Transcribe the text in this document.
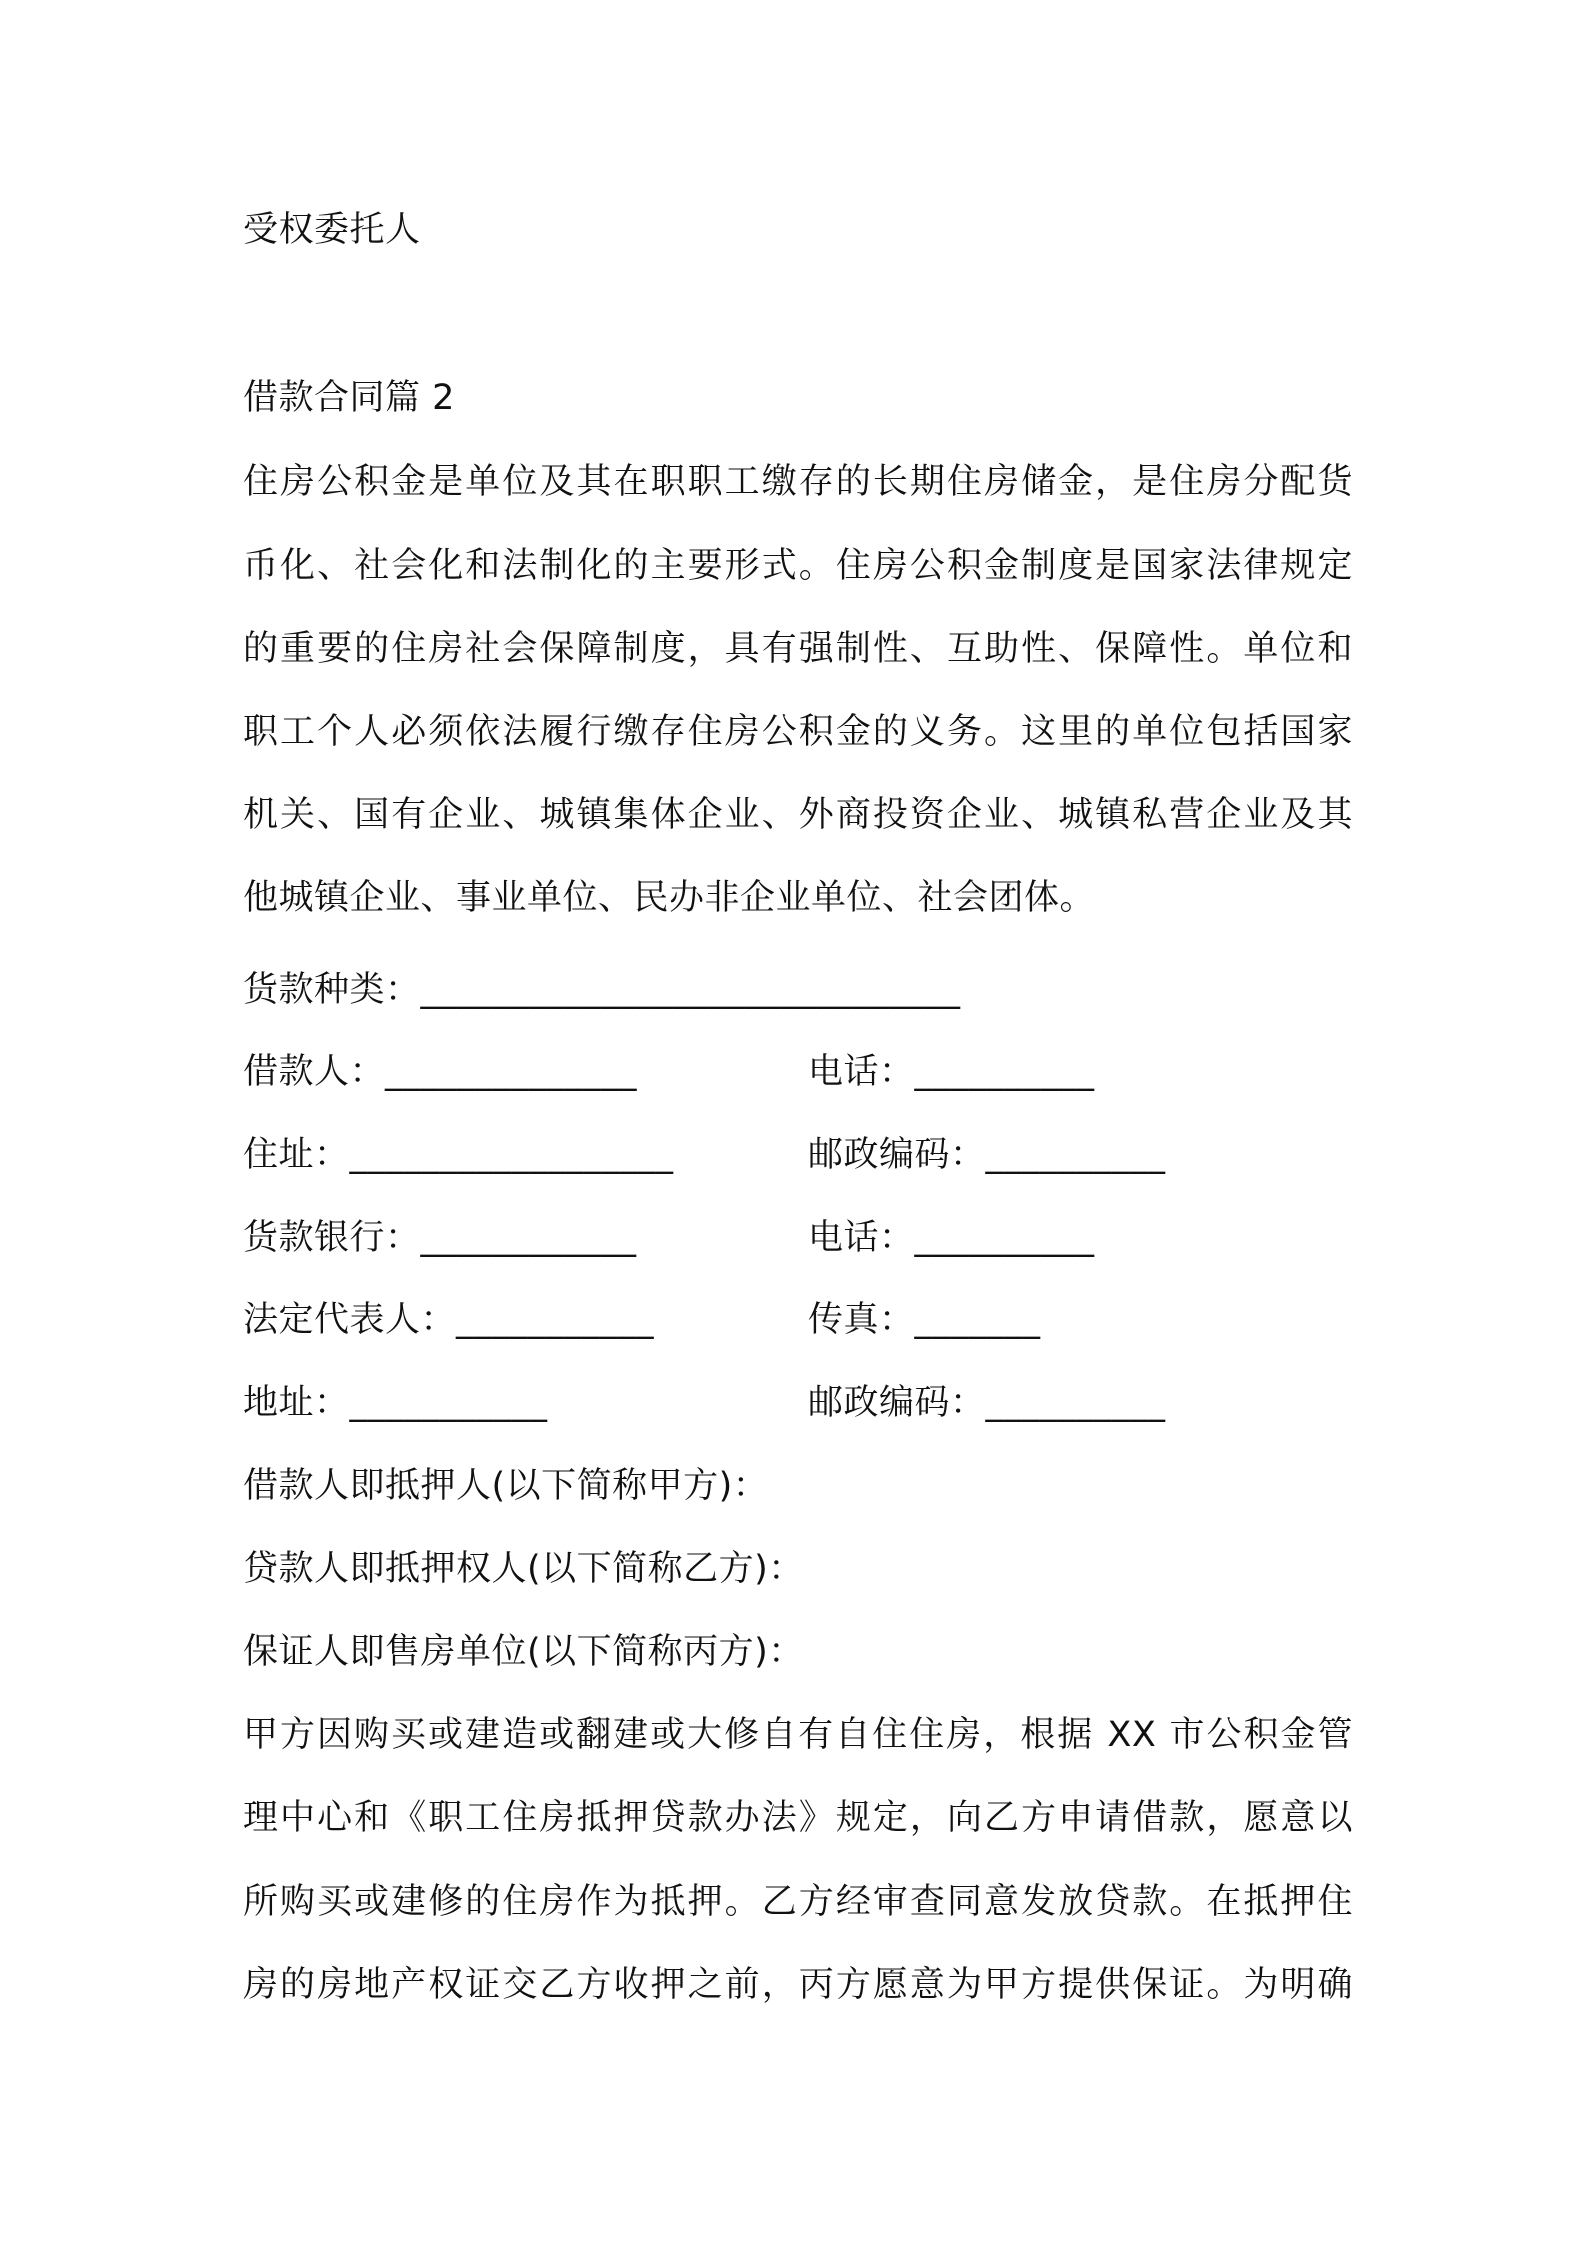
受权委托人
借款合同篇 2
住房公积金是单位及其在职职工缴存的长期住房储金，是住房分配货
币化、社会化和法制化的主要形式。住房公积金制度是国家法律规定
的重要的住房社会保障制度，具有强制性、互助性、保障性。单位和
职工个人必须依法履行缴存住房公积金的义务。这里的单位包括国家
机关、国有企业、城镇集体企业、外商投资企业、城镇私营企业及其
他城镇企业、事业单位、民办非企业单位、社会团体。
货款种类：______________________________
借款人：______________	电话：__________
住址：__________________	邮政编码：__________
货款银行：____________	电话：__________
法定代表人：___________	传真：_______
地址：___________	邮政编码：__________
借款人即抵押人(以下简称甲方)：
贷款人即抵押权人(以下简称乙方)：
保证人即售房单位(以下简称丙方)：
甲方因购买或建造或翻建或大修自有自住住房，根据 XX 市公积金管
理中心和《职工住房抵押贷款办法》规定，向乙方申请借款，愿意以
所购买或建修的住房作为抵押。乙方经审查同意发放贷款。在抵押住
房的房地产权证交乙方收押之前，丙方愿意为甲方提供保证。为明确
